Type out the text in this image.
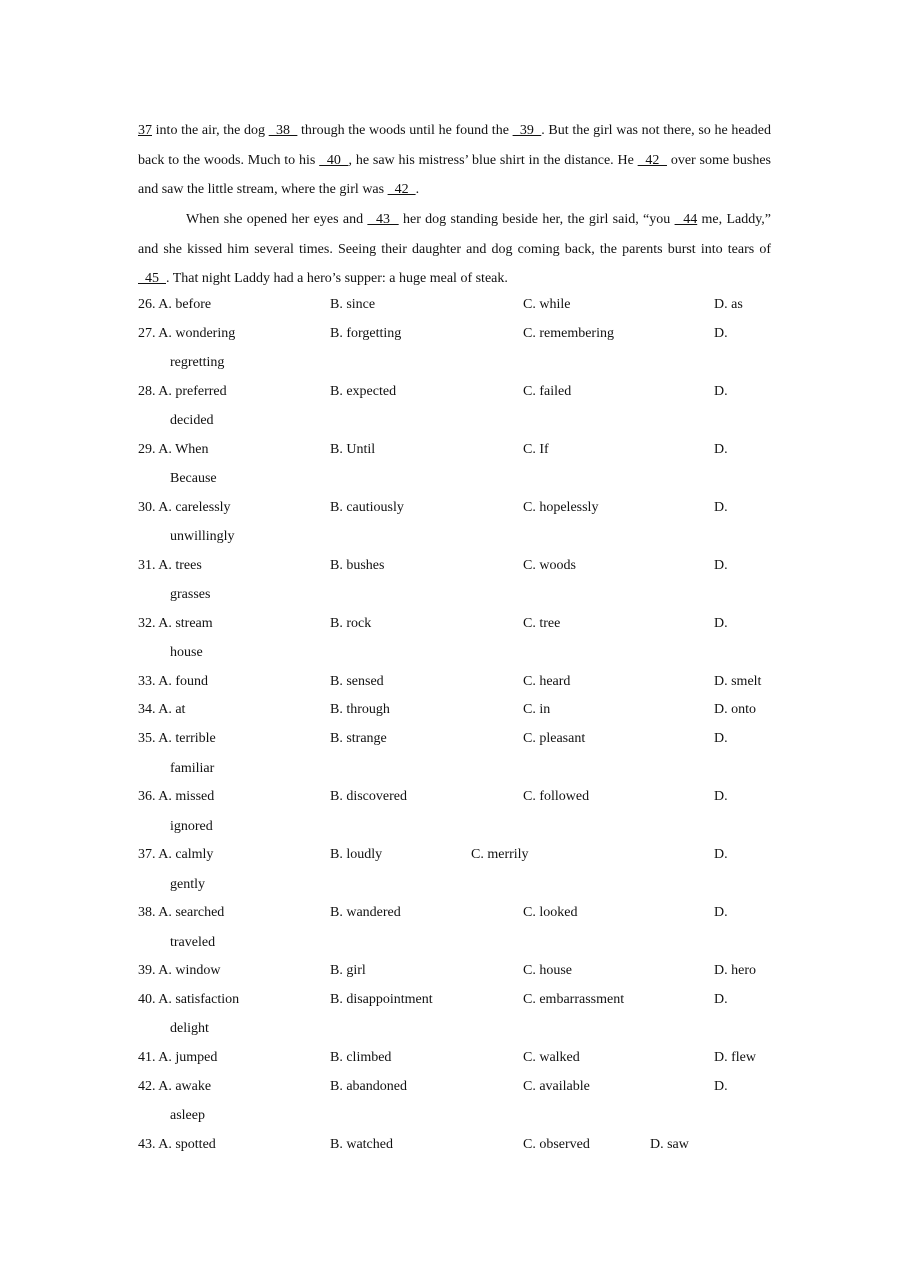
37 into the air, the dog   38   through the woods until he found the   39  . But the girl was not there, so he headed back to the woods. Much to his   40  , he saw his mistress’ blue shirt in the distance. He   42   over some bushes and saw the little stream, where the girl was   42  .

When she opened her eyes and   43   her dog standing beside her, the girl said, “you   44 me, Laddy,” and she kissed him several times. Seeing their daughter and dog coming back, the parents burst into tears of   45  . That night Laddy had a hero’s supper: a huge meal of steak.

26. A. before	B. since	C. while	D. as
27. A. wondering	B. forgetting	C. remembering	D.
regretting
28. A. preferred	B. expected	C. failed	D.
decided
29. A. When	B. Until	C. If	D.
Because
30. A. carelessly	B. cautiously	C. hopelessly	D.
unwillingly
31. A. trees	B. bushes	C. woods	D.
grasses
32. A. stream	B. rock	C. tree	D.
house
33. A. found	B. sensed	C. heard	D. smelt
34. A. at	B. through	C. in	D. onto
35. A. terrible	B. strange	C. pleasant	D.
familiar
36. A. missed	B. discovered	C. followed	D.
ignored
37. A. calmly	B. loudly	C. merrily	D.
gently
38. A. searched	B. wandered	C. looked	D.
traveled
39. A. window	B. girl	C. house	D. hero
40. A. satisfaction	B. disappointment	C. embarrassment	D.
delight
41. A. jumped	B. climbed	C. walked	D. flew
42. A. awake	B. abandoned	C. available	D.
asleep
43. A. spotted	B. watched	C. observed	D. saw
